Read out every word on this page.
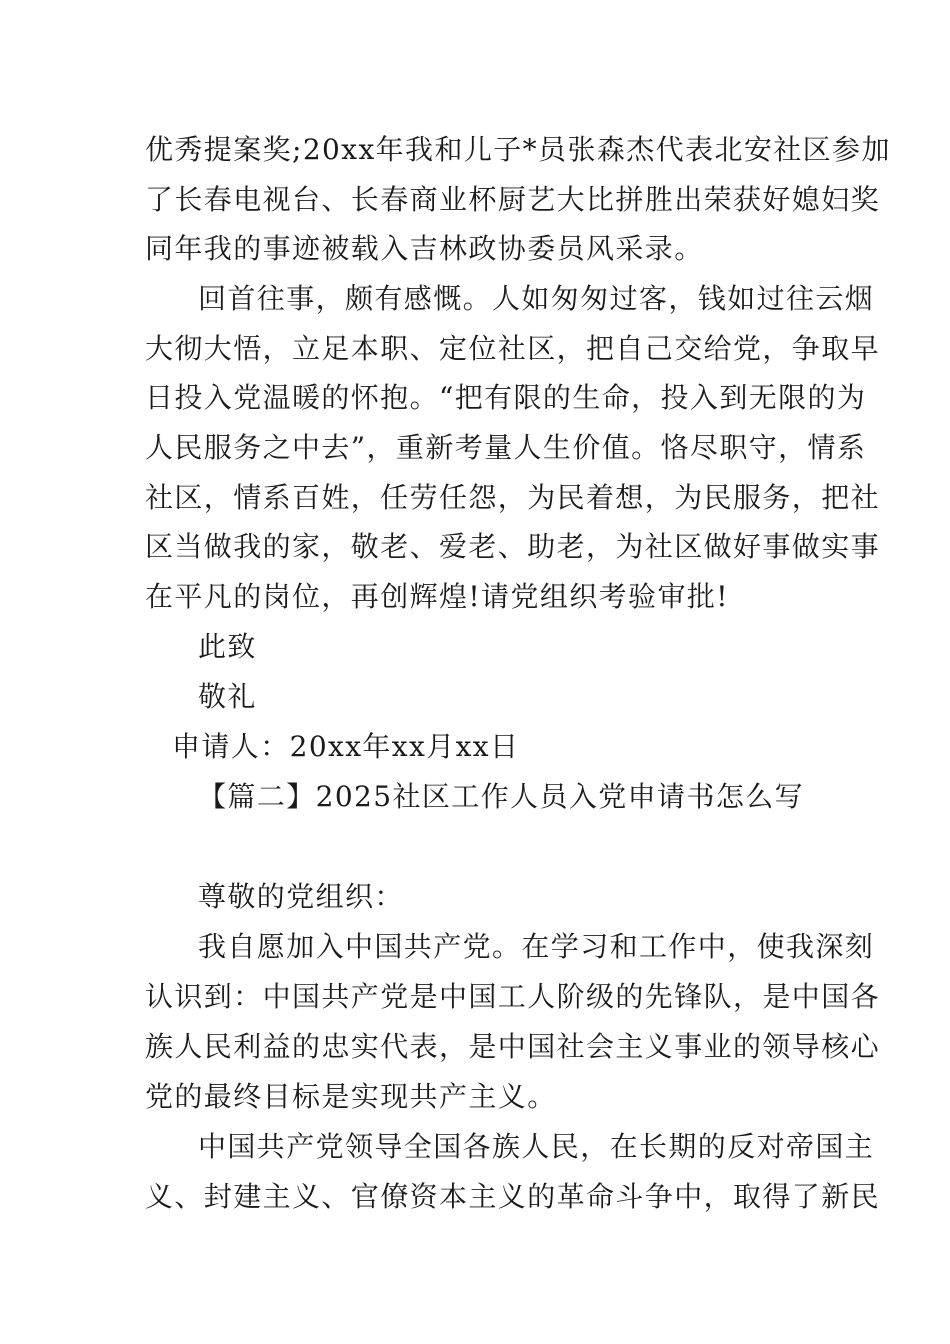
优秀提案奖;20xx年我和儿子*员张森杰代表北安社区参加
了长春电视台、长春商业杯厨艺大比拼胜出荣获好媳妇奖
同年我的事迹被载入吉林政协委员风采录。
回首往事，颇有感慨。人如匆匆过客，钱如过往云烟
大彻大悟，立足本职、定位社区，把自己交给党，争取早
日投入党温暖的怀抱。“把有限的生命，投入到无限的为
人民服务之中去”，重新考量人生价值。恪尽职守，情系
社区，情系百姓，任劳任怨，为民着想，为民服务，把社
区当做我的家，敬老、爱老、助老，为社区做好事做实事
在平凡的岗位，再创辉煌!请党组织考验审批!
此致
敬礼
申请人：20xx年xx月xx日
【篇二】2025社区工作人员入党申请书怎么写
尊敬的党组织：
我自愿加入中国共产党。在学习和工作中，使我深刻
认识到：中国共产党是中国工人阶级的先锋队，是中国各
族人民利益的忠实代表，是中国社会主义事业的领导核心
党的最终目标是实现共产主义。
中国共产党领导全国各族人民，在长期的反对帝国主
义、封建主义、官僚资本主义的革命斗争中，取得了新民
